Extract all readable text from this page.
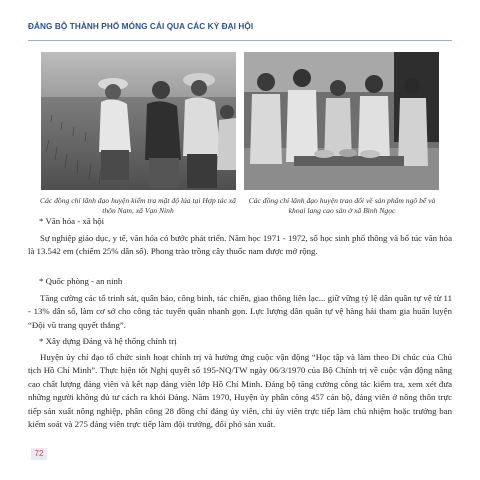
ĐẢNG BỘ THÀNH PHỐ MÓNG CÁI QUA CÁC KỲ ĐẠI HỘI
Các đồng chí lãnh đạo huyện kiểm tra mật độ lúa tại Hợp tác xã thôn Nam, xã Vạn Ninh
Các đồng chí lãnh đạo huyện trao đổi về sản phẩm ngô bể và khoai lang cao sản ở xã Bình Ngọc
* Văn hóa - xã hội
Sự nghiệp giáo dục, y tế, văn hóa có bước phát triển. Năm học 1971 - 1972, số học sinh phổ thông và bổ túc văn hóa là 13.542 em (chiếm 25% dân số). Phong trào trồng cây thuốc nam được mở rộng.
* Quốc phòng - an ninh
Tăng cường các tổ trinh sát, quân báo, công binh, tác chiến, giao thông liên lạc... giữ vững tỷ lệ dân quân tự vệ từ 11 - 13% dân số, làm cơ sở cho công tác tuyển quân nhanh gọn. Lực lượng dân quân tự vệ hàng hải tham gia huấn luyện “Đội vũ trang quyết thắng”.
* Xây dựng Đảng và hệ thống chính trị
Huyện ủy chỉ đạo tổ chức sinh hoạt chính trị và hưởng ứng cuộc vận động “Học tập và làm theo Di chúc của Chủ tịch Hồ Chí Minh”. Thực hiện tốt Nghị quyết số 195-NQ/TW ngày 06/3/1970 của Bộ Chính trị về cuộc vận động nâng cao chất lượng đảng viên và kết nạp đảng viên lớp Hồ Chí Minh. Đảng bộ tăng cường công tác kiểm tra, xem xét đưa những người không đủ tư cách ra khỏi Đảng. Năm 1970, Huyện ủy phân công 457 cán bộ, đảng viên ở nông thôn trực tiếp sản xuất nông nghiệp, phân công 28 đồng chí đảng ủy viên, chi ủy viên trực tiếp làm chủ nhiệm hoặc trưởng ban kiểm soát và 275 đảng viên trực tiếp làm đội trưởng, đối phó sản xuất.
72
